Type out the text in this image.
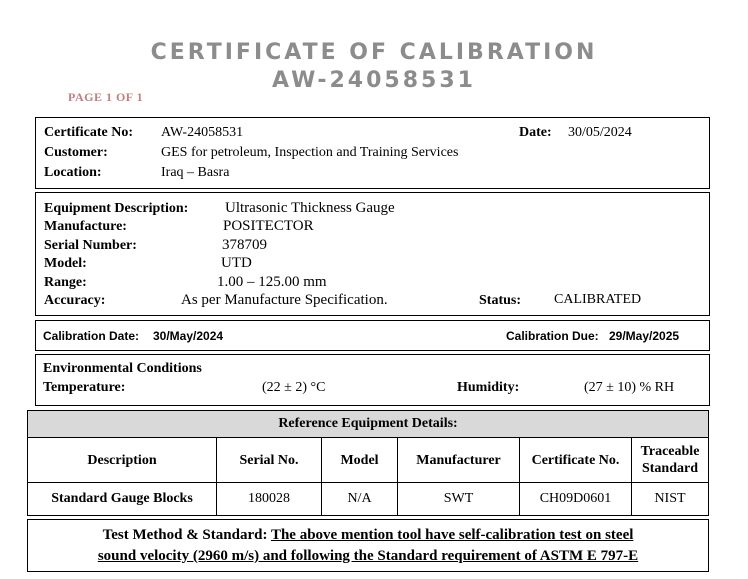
CERTIFICATE OF CALIBRATION
AW-24058531
PAGE 1 OF 1
Certificate No: AW-24058531	Date: 30/05/2024
Customer:	GES for petroleum, Inspection and Training Services
Location:	Iraq – Basra
Equipment Description: Ultrasonic Thickness Gauge
Manufacture:	POSITECTOR
Serial Number:	378709
Model:	UTD
Range:	1.00 – 125.00 mm
Accuracy:	As per Manufacture Specification.	Status: CALIBRATED
Calibration Date: 30/May/2024	Calibration Due: 29/May/2025
Environmental Conditions
Temperature:	(22 ± 2) °C	Humidity:	(27 ± 10) % RH
Reference Equipment Details:					
Description	Serial No.	Model	Manufacturer	Certificate No.	Traceable Standard
Standard Gauge Blocks	180028	N/A	SWT	CH09D0601	NIST
Test Method & Standard: The above mention tool have self-calibration test on steel
sound velocity (2960 m/s) and following the Standard requirement of ASTM E 797-E
